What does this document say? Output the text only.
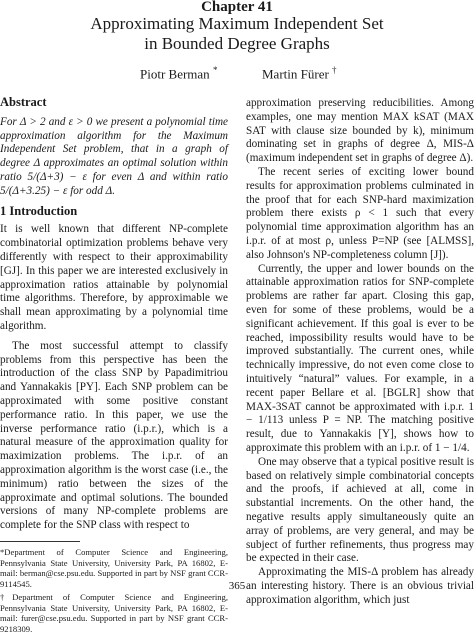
Chapter 41
Approximating Maximum Independent Set
in Bounded Degree Graphs
Piotr Berman *	Martin Fürer †

Abstract

For Δ > 2 and ε > 0 we present a polynomial time approximation algorithm for the Maximum Independent Set problem, that in a graph of degree Δ approximates an optimal solution within ratio 5/(Δ+3) − ε for even Δ and within ratio 5/(Δ+3.25) − ε for odd Δ.

1 Introduction

It is well known that different NP-complete combinatorial optimization problems behave very differently with respect to their approximability [GJ]. In this paper we are interested exclusively in approximation ratios attainable by polynomial time algorithms. Therefore, by approximable we shall mean approximating by a polynomial time algorithm.

The most successful attempt to classify problems from this perspective has been the introduction of the class SNP by Papadimitriou and Yannakakis [PY]. Each SNP problem can be approximated with some positive constant performance ratio. In this paper, we use the inverse performance ratio (i.p.r.), which is a natural measure of the approximation quality for maximization problems. The i.p.r. of an approximation algorithm is the worst case (i.e., the minimum) ratio between the sizes of the approximate and optimal solutions. The bounded versions of many NP-complete problems are complete for the SNP class with respect to

*Department of Computer Science and Engineering, Pennsylvania State University, University Park, PA 16802, E-mail: berman@cse.psu.edu. Supported in part by NSF grant CCR-9114545.

†Department of Computer Science and Engineering, Pennsylvania State University, University Park, PA 16802, E-mail: furer@cse.psu.edu. Supported in part by NSF grant CCR-9218309.

approximation preserving reducibilities. Among examples, one may mention MAX kSAT (MAX SAT with clause size bounded by k), minimum dominating set in graphs of degree Δ, MIS-Δ (maximum independent set in graphs of degree Δ).

The recent series of exciting lower bound results for approximation problems culminated in the proof that for each SNP-hard maximization problem there exists ρ < 1 such that every polynomial time approximation algorithm has an i.p.r. of at most ρ, unless P=NP (see [ALMSS], also Johnson's NP-completeness column [J]).

Currently, the upper and lower bounds on the attainable approximation ratios for SNP-complete problems are rather far apart. Closing this gap, even for some of these problems, would be a significant achievement. If this goal is ever to be reached, impossibility results would have to be improved substantially. The current ones, while technically impressive, do not even come close to intuitively “natural” values. For example, in a recent paper Bellare et al. [BGLR] show that MAX-3SAT cannot be approximated with i.p.r. 1 − 1/113 unless P = NP. The matching positive result, due to Yannakakis [Y], shows how to approximate this problem with an i.p.r. of 1 − 1/4.

One may observe that a typical positive result is based on relatively simple combinatorial concepts and the proofs, if achieved at all, come in substantial increments. On the other hand, the negative results apply simultaneously quite an array of problems, are very general, and may be subject of further refinements, thus progress may be expected in their case.

Approximating the MIS-Δ problem has already an interesting history. There is an obvious trivial approximation algorithm, which just

365
